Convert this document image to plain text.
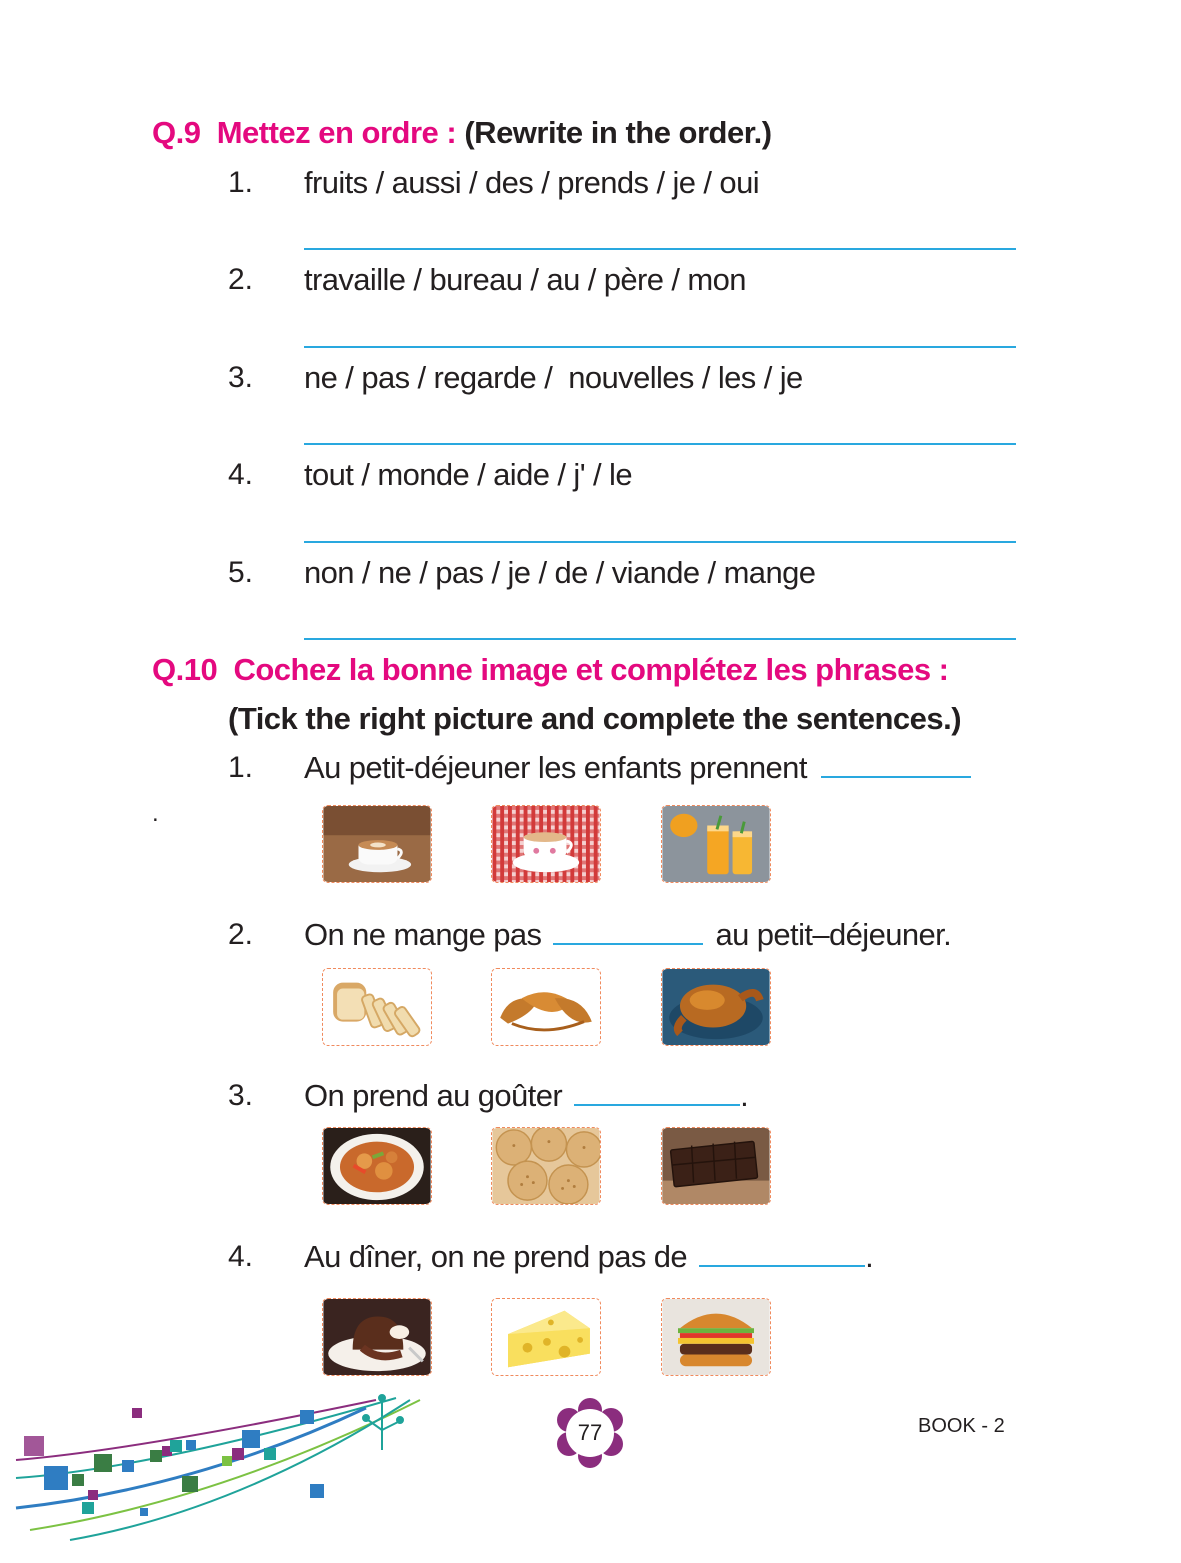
Q.9 Mettez en ordre : (Rewrite in the order.)
1. fruits / aussi / des / prends / je / oui
2. travaille / bureau / au / père / mon
3. ne / pas / regarde /  nouvelles / les / je
4. tout / monde / aide / j' / le
5. non / ne / pas / je / de / viande / mange
Q.10 Cochez la bonne image et complétez les phrases :
(Tick the right picture and complete the sentences.)
1. Au petit-déjeuner les enfants prennent
.
2. On ne mange pas	au petit–déjeuner.
3. On prend au goûter	.
4. Au dîner, on ne prend pas de	.
77	BOOK - 2
